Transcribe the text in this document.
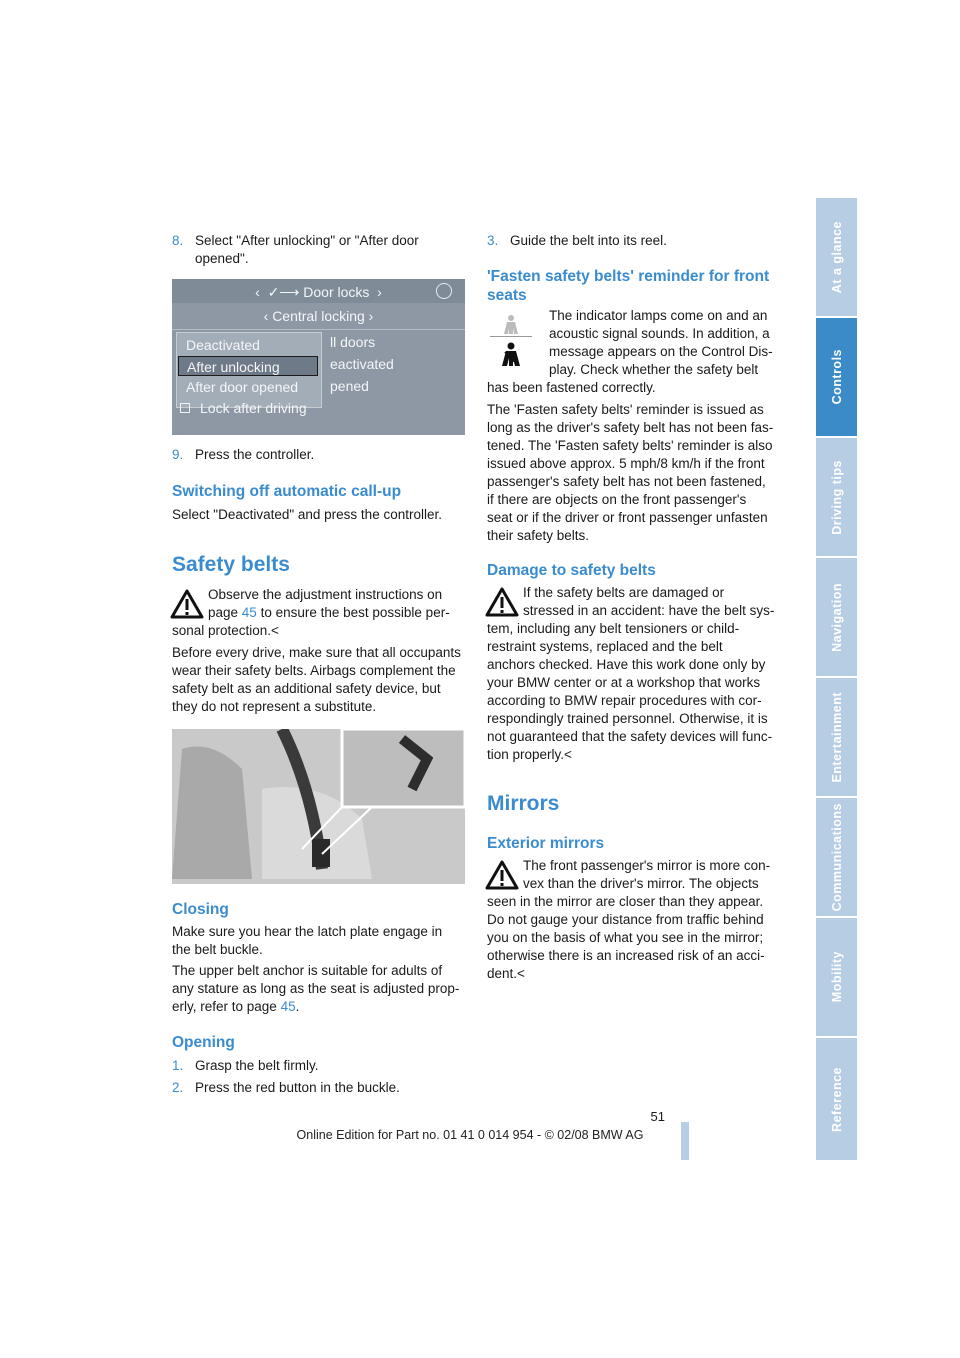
At a glance
Controls
Driving tips
Navigation
Entertainment
Communications
Mobility
Reference
8. Select "After unlocking" or "After door
opened".
‹  ✓⟶ Door locks  ›
‹ Central locking ›
Deactivated
After unlocking
After door opened
Lock after driving
ll doors
eactivated
pened
9. Press the controller.
Switching off automatic call-up
Select "Deactivated" and press the controller.
Safety belts
Observe the adjustment instructions on
page 45 to ensure the best possible per-
sonal protection.<
Before every drive, make sure that all occupants
wear their safety belts. Airbags complement the
safety belt as an additional safety device, but
they do not represent a substitute.
Closing
Make sure you hear the latch plate engage in
the belt buckle.
The upper belt anchor is suitable for adults of
any stature as long as the seat is adjusted prop-
erly, refer to page 45.
Opening
1. Grasp the belt firmly.
2. Press the red button in the buckle.
3. Guide the belt into its reel.
'Fasten safety belts' reminder for front
seats
The indicator lamps come on and an
acoustic signal sounds. In addition, a
message appears on the Control Dis-
play. Check whether the safety belt
has been fastened correctly.
The 'Fasten safety belts' reminder is issued as
long as the driver's safety belt has not been fas-
tened. The 'Fasten safety belts' reminder is also
issued above approx. 5 mph/8 km/h if the front
passenger's safety belt has not been fastened,
if there are objects on the front passenger's
seat or if the driver or front passenger unfasten
their safety belts.
Damage to safety belts
If the safety belts are damaged or
stressed in an accident: have the belt sys-
tem, including any belt tensioners or child-
restraint systems, replaced and the belt
anchors checked. Have this work done only by
your BMW center or at a workshop that works
according to BMW repair procedures with cor-
respondingly trained personnel. Otherwise, it is
not guaranteed that the safety devices will func-
tion properly.<
Mirrors
Exterior mirrors
The front passenger's mirror is more con-
vex than the driver's mirror. The objects
seen in the mirror are closer than they appear.
Do not gauge your distance from traffic behind
you on the basis of what you see in the mirror;
otherwise there is an increased risk of an acci-
dent.<
51
Online Edition for Part no. 01 41 0 014 954 - © 02/08 BMW AG
